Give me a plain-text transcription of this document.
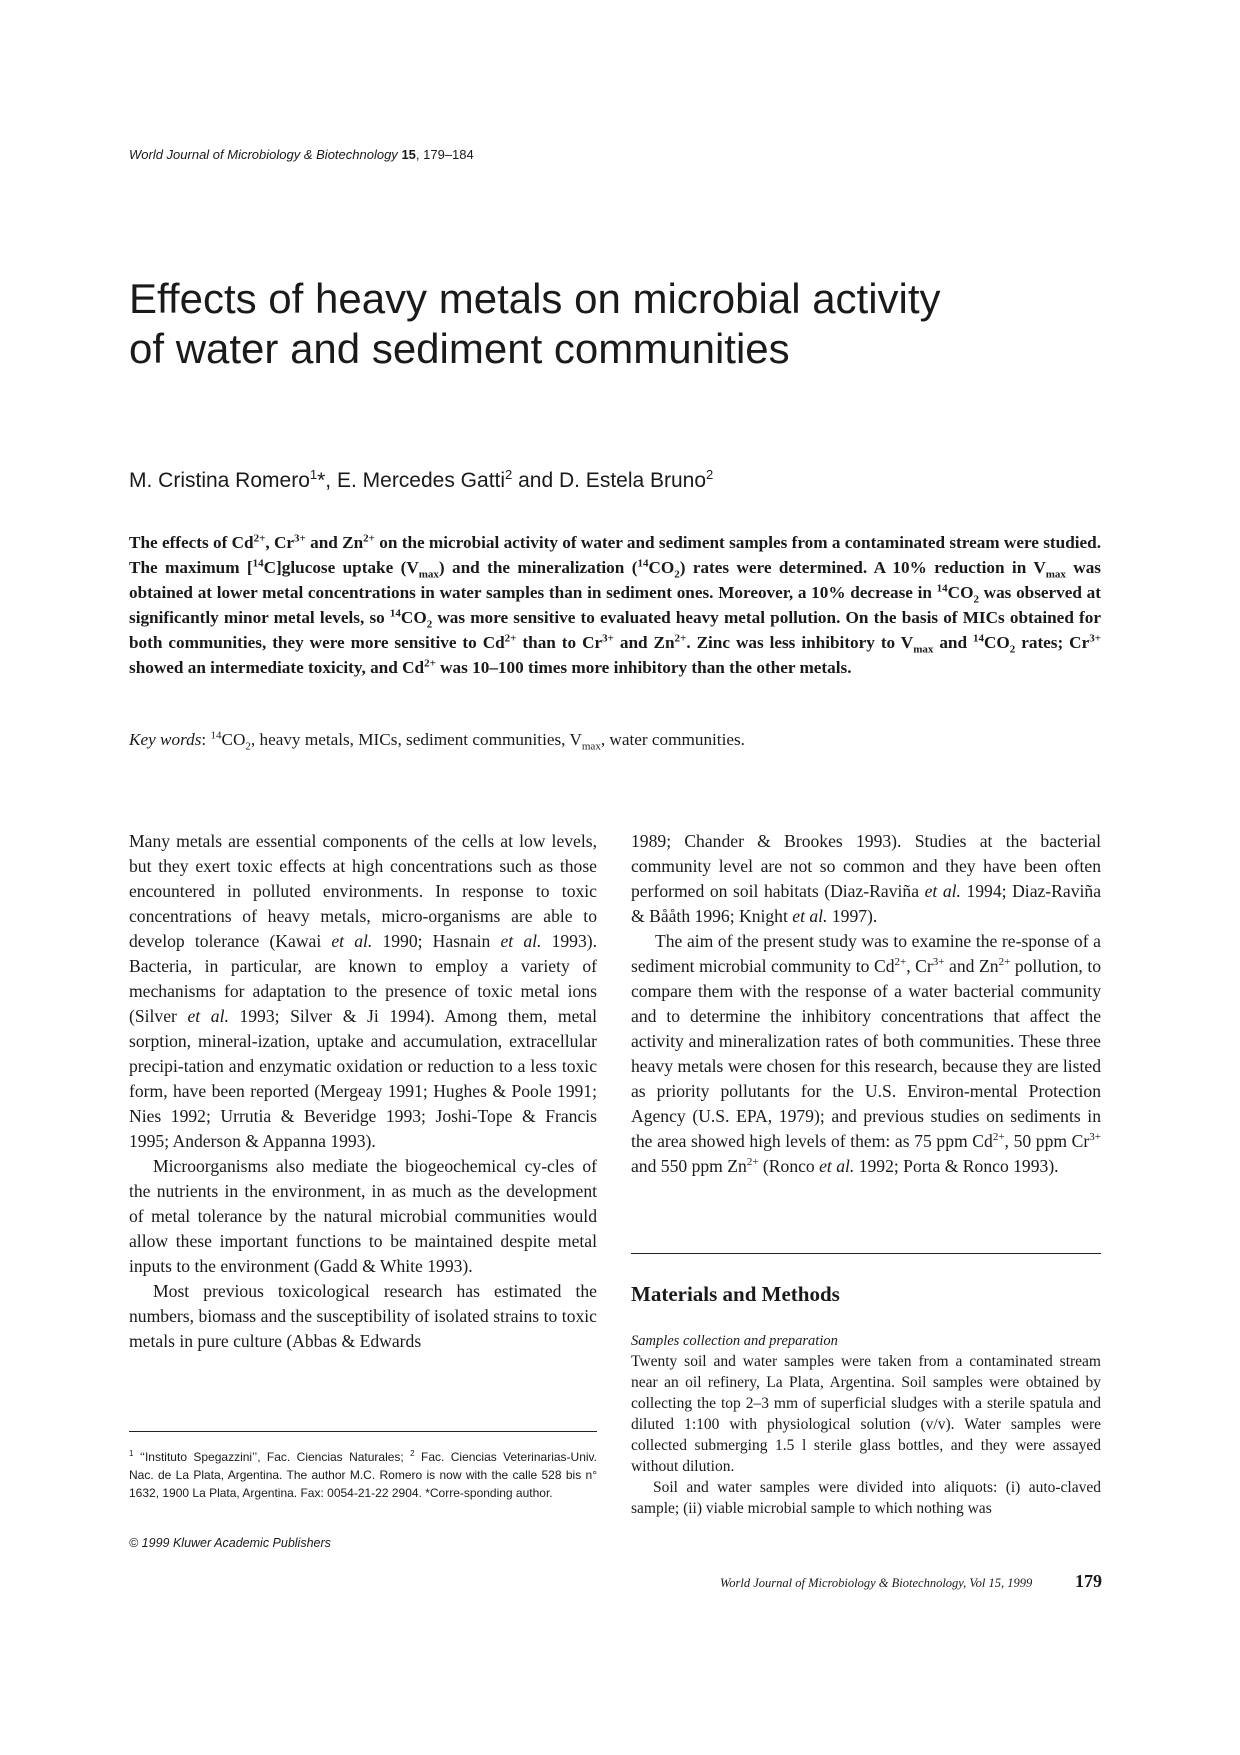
World Journal of Microbiology & Biotechnology 15, 179–184
Effects of heavy metals on microbial activity
of water and sediment communities
M. Cristina Romero$^1$*, E. Mercedes Gatti$^2$ and D. Estela Bruno$^2$
The effects of $Cd^{2+}$, $Cr^{3+}$ and $Zn^{2+}$ on the microbial activity of water and sediment samples from a contaminated stream were studied. The maximum [$^{14}$C]glucose uptake $(V_{max})$ and the mineralization $(^{14}CO_2)$ rates were determined. A 10% reduction in $V_{max}$ was obtained at lower metal concentrations in water samples than in sediment ones. Moreover, a 10% decrease in $^{14}CO_2$ was observed at significantly minor metal levels, so $^{14}CO_2$ was more sensitive to evaluated heavy metal pollution. On the basis of MICs obtained for both communities, they were more sensitive to $Cd^{2+}$ than to $Cr^{3+}$ and $Zn^{2+}$. Zinc was less inhibitory to $V_{max}$ and $^{14}CO_2$ rates; $Cr^{3+}$ showed an intermediate toxicity, and $Cd^{2+}$ was 10–100 times more inhibitory than the other metals.
Key words: $^{14}CO_2$, heavy metals, MICs, sediment communities, $V_{max}$, water communities.

Many metals are essential components of the cells at low levels, but they exert toxic effects at high concentrations such as those encountered in polluted environments. In response to toxic concentrations of heavy metals, micro-organisms are able to develop tolerance (Kawai et al. 1990; Hasnain et al. 1993). Bacteria, in particular, are known to employ a variety of mechanisms for adaptation to the presence of toxic metal ions (Silver et al. 1993; Silver & Ji 1994). Among them, metal sorption, mineral-ization, uptake and accumulation, extracellular precipi-tation and enzymatic oxidation or reduction to a less toxic form, have been reported (Mergeay 1991; Hughes & Poole 1991; Nies 1992; Urrutia & Beveridge 1993; Joshi-Tope & Francis 1995; Anderson & Appanna 1993).

Microorganisms also mediate the biogeochemical cy-cles of the nutrients in the environment, in as much as the development of metal tolerance by the natural microbial communities would allow these important functions to be maintained despite metal inputs to the environment (Gadd & White 1993).

Most previous toxicological research has estimated the numbers, biomass and the susceptibility of isolated strains to toxic metals in pure culture (Abbas & Edwards

1989; Chander & Brookes 1993). Studies at the bacterial community level are not so common and they have been often performed on soil habitats (Diaz-Raviña et al. 1994; Diaz-Raviña & Bååth 1996; Knight et al. 1997).

The aim of the present study was to examine the re-sponse of a sediment microbial community to $Cd^{2+}$, $Cr^{3+}$ and $Zn^{2+}$ pollution, to compare them with the response of a water bacterial community and to determine the inhibitory concentrations that affect the activity and mineralization rates of both communities. These three heavy metals were chosen for this research, because they are listed as priority pollutants for the U.S. Environ-mental Protection Agency (U.S. EPA, 1979); and previous studies on sediments in the area showed high levels of them: as 75 ppm $Cd^{2+}$, 50 ppm $Cr^{3+}$ and 550 ppm $Zn^{2+}$ (Ronco et al. 1992; Porta & Ronco 1993).

Materials and Methods
Samples collection and preparation

Twenty soil and water samples were taken from a contaminated stream near an oil refinery, La Plata, Argentina. Soil samples were obtained by collecting the top 2–3 mm of superficial sludges with a sterile spatula and diluted 1:100 with physiological solution (v/v). Water samples were collected submerging 1.5 l sterile glass bottles, and they were assayed without dilution.

Soil and water samples were divided into aliquots: (i) auto-claved sample; (ii) viable microbial sample to which nothing was

$^1$ ‘‘Instituto Spegazzini’’, Fac. Ciencias Naturales; $^2$ Fac. Ciencias Veterinarias-Univ. Nac. de La Plata, Argentina. The author M.C. Romero is now with the calle 528 bis n° 1632, 1900 La Plata, Argentina. Fax: 0054-21-22 2904. *Corre-sponding author.
© 1999 Kluwer Academic Publishers
World Journal of Microbiology & Biotechnology, Vol 15, 1999 179
